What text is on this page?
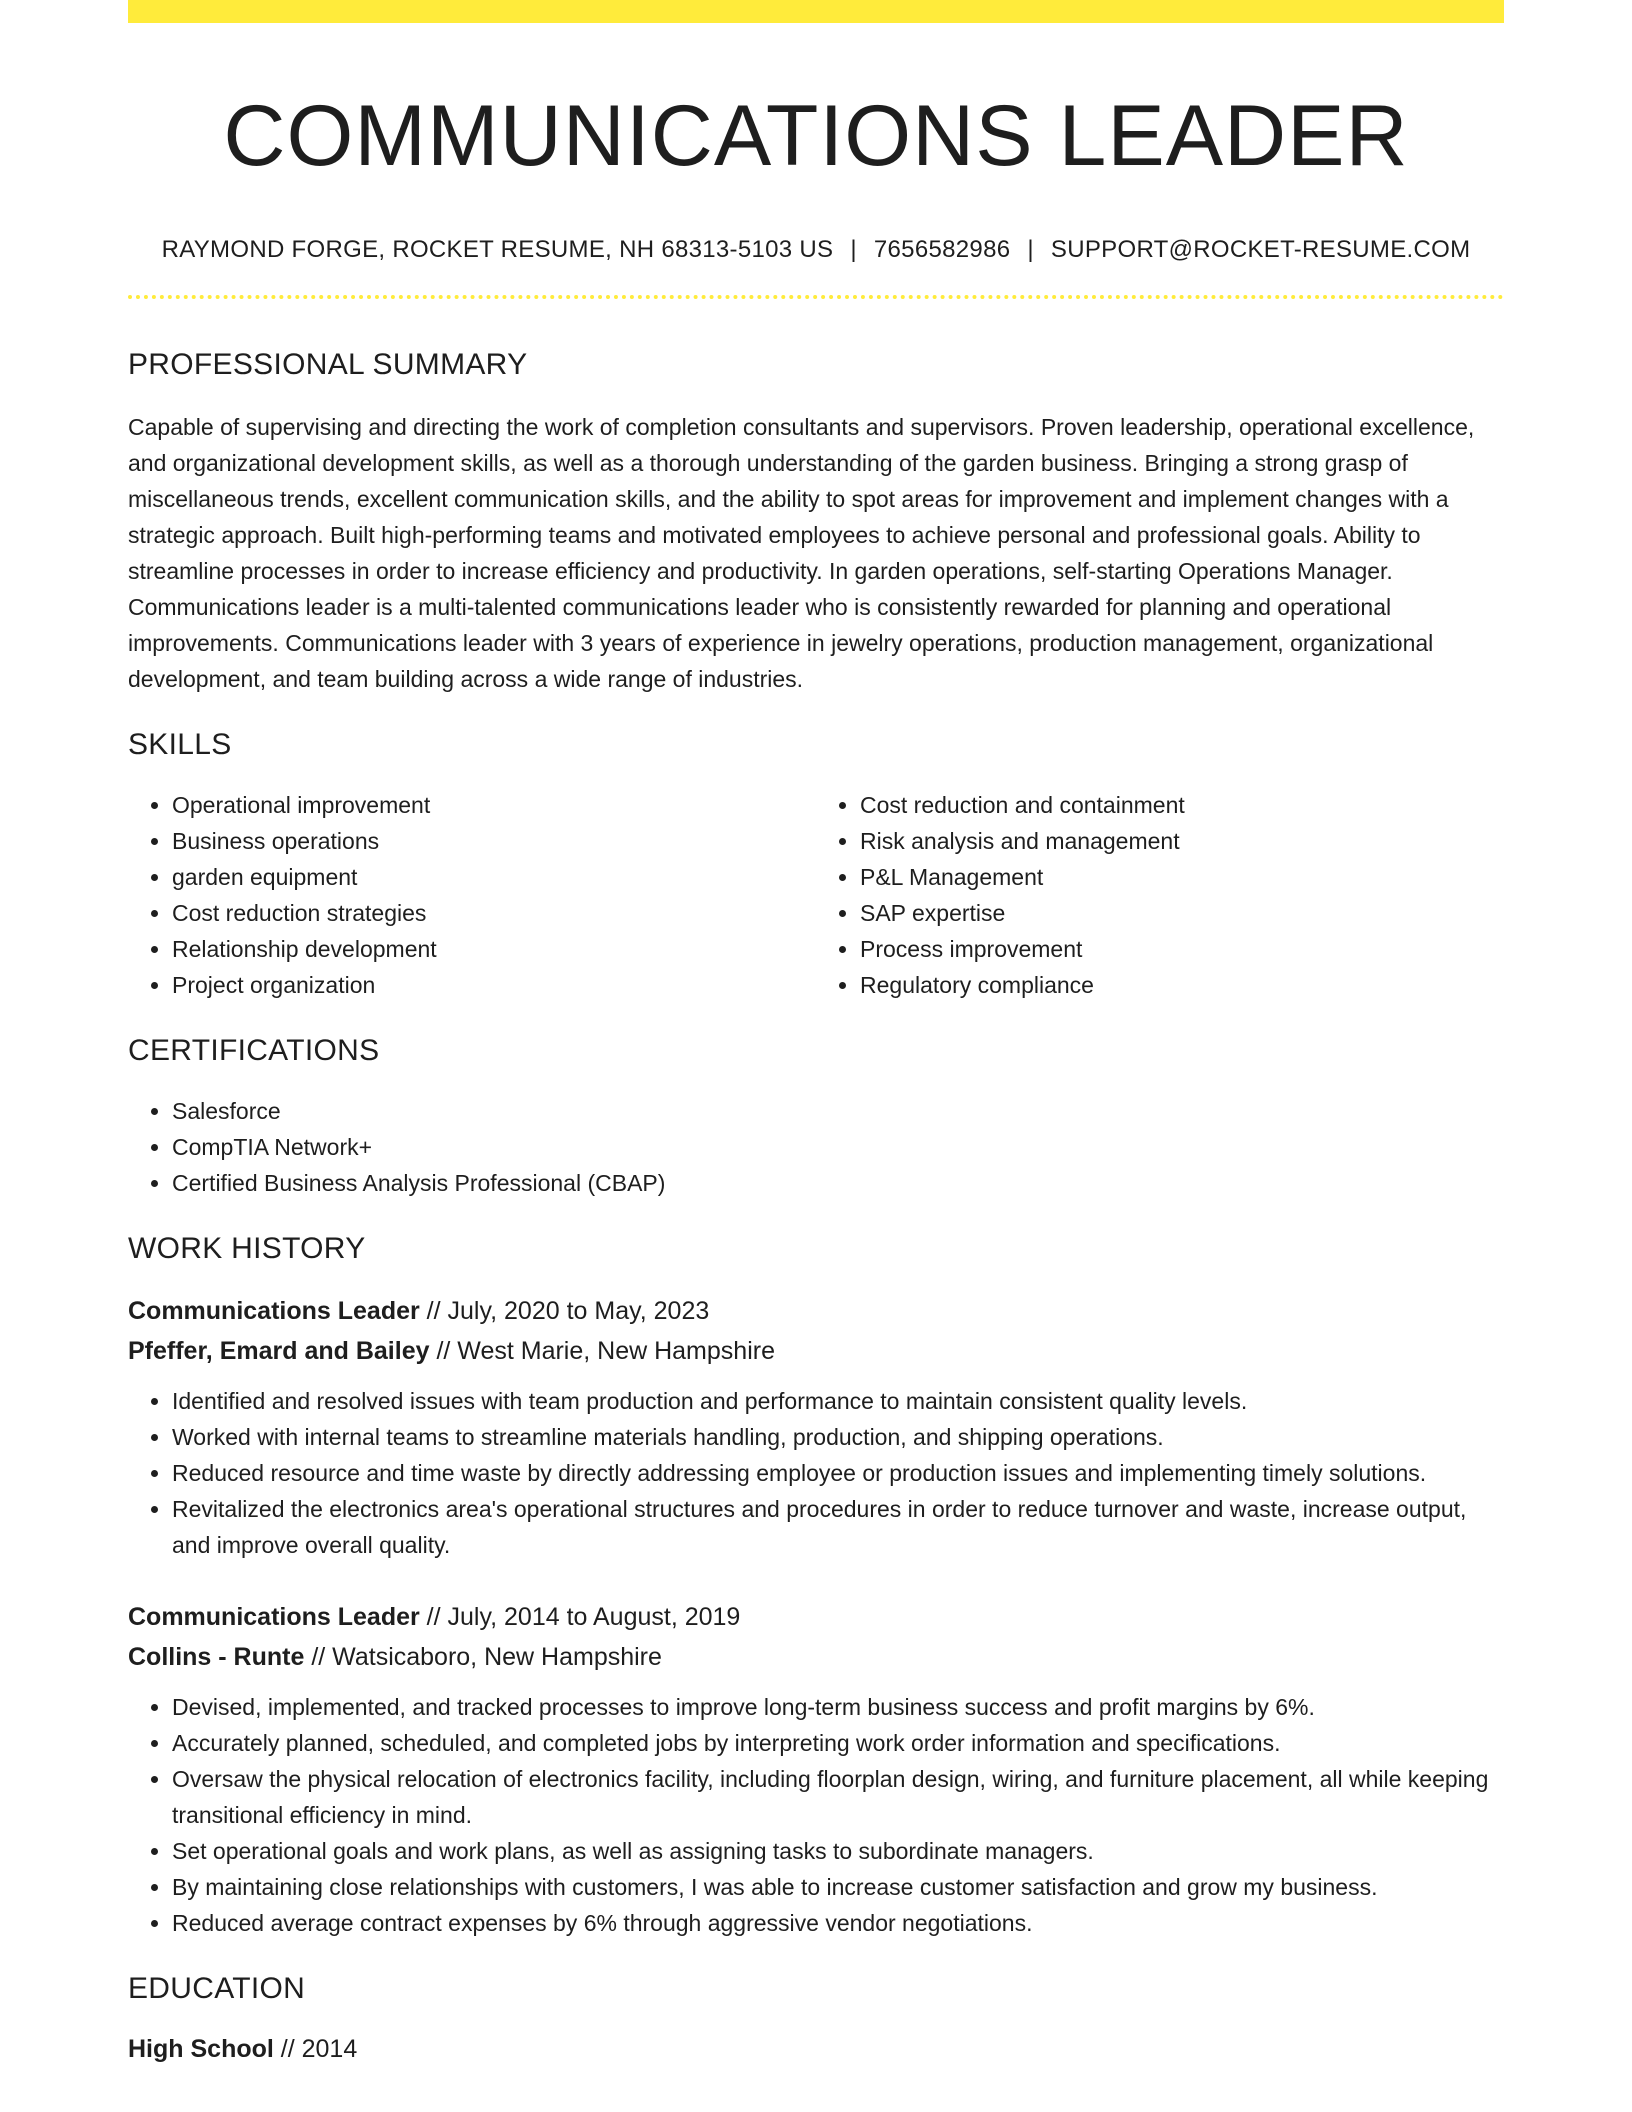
COMMUNICATIONS LEADER
RAYMOND FORGE, ROCKET RESUME, NH 68313-5103 US | 7656582986 | SUPPORT@ROCKET-RESUME.COM
PROFESSIONAL SUMMARY

Capable of supervising and directing the work of completion consultants and supervisors. Proven leadership, operational excellence, and organizational development skills, as well as a thorough understanding of the garden business. Bringing a strong grasp of miscellaneous trends, excellent communication skills, and the ability to spot areas for improvement and implement changes with a strategic approach. Built high-performing teams and motivated employees to achieve personal and professional goals. Ability to streamline processes in order to increase efficiency and productivity. In garden operations, self-starting Operations Manager. Communications leader is a multi-talented communications leader who is consistently rewarded for planning and operational improvements. Communications leader with 3 years of experience in jewelry operations, production management, organizational development, and team building across a wide range of industries.

SKILLS
• Operational improvement
• Business operations
• garden equipment
• Cost reduction strategies
• Relationship development
• Project organization
• Cost reduction and containment
• Risk analysis and management
• P&L Management
• SAP expertise
• Process improvement
• Regulatory compliance
CERTIFICATIONS
• Salesforce
• CompTIA Network+
• Certified Business Analysis Professional (CBAP)
WORK HISTORY
Communications Leader // July, 2020 to May, 2023
Pfeffer, Emard and Bailey // West Marie, New Hampshire
• Identified and resolved issues with team production and performance to maintain consistent quality levels.
• Worked with internal teams to streamline materials handling, production, and shipping operations.
• Reduced resource and time waste by directly addressing employee or production issues and implementing timely solutions.
• Revitalized the electronics area's operational structures and procedures in order to reduce turnover and waste, increase output, and improve overall quality.
Communications Leader // July, 2014 to August, 2019
Collins - Runte // Watsicaboro, New Hampshire
• Devised, implemented, and tracked processes to improve long-term business success and profit margins by 6%.
• Accurately planned, scheduled, and completed jobs by interpreting work order information and specifications.
• Oversaw the physical relocation of electronics facility, including floorplan design, wiring, and furniture placement, all while keeping transitional efficiency in mind.
• Set operational goals and work plans, as well as assigning tasks to subordinate managers.
• By maintaining close relationships with customers, I was able to increase customer satisfaction and grow my business.
• Reduced average contract expenses by 6% through aggressive vendor negotiations.
EDUCATION
High School // 2014
